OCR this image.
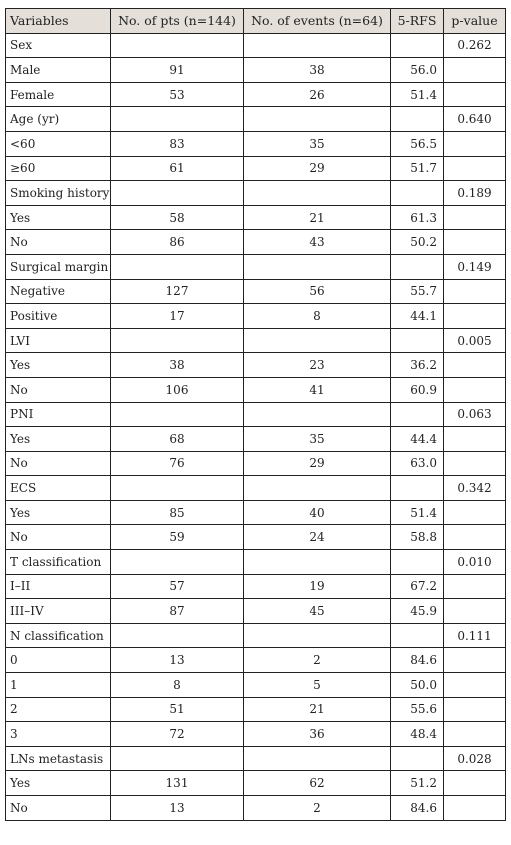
Variables	No. of pts (n=144)	No. of events (n=64)	5-RFS	p-value
Sex				0.262
Male	91	38	56.0	
Female	53	26	51.4	
Age (yr)				0.640
<60	83	35	56.5	
≥60	61	29	51.7	
Smoking history				0.189
Yes	58	21	61.3	
No	86	43	50.2	
Surgical margin				0.149
Negative	127	56	55.7	
Positive	17	8	44.1	
LVI				0.005
Yes	38	23	36.2	
No	106	41	60.9	
PNI				0.063
Yes	68	35	44.4	
No	76	29	63.0	
ECS				0.342
Yes	85	40	51.4	
No	59	24	58.8	
T classification				0.010
I–II	57	19	67.2	
III–IV	87	45	45.9	
N classification				0.111
0	13	2	84.6	
1	8	5	50.0	
2	51	21	55.6	
3	72	36	48.4	
LNs metastasis				0.028
Yes	131	62	51.2	
No	13	2	84.6	
